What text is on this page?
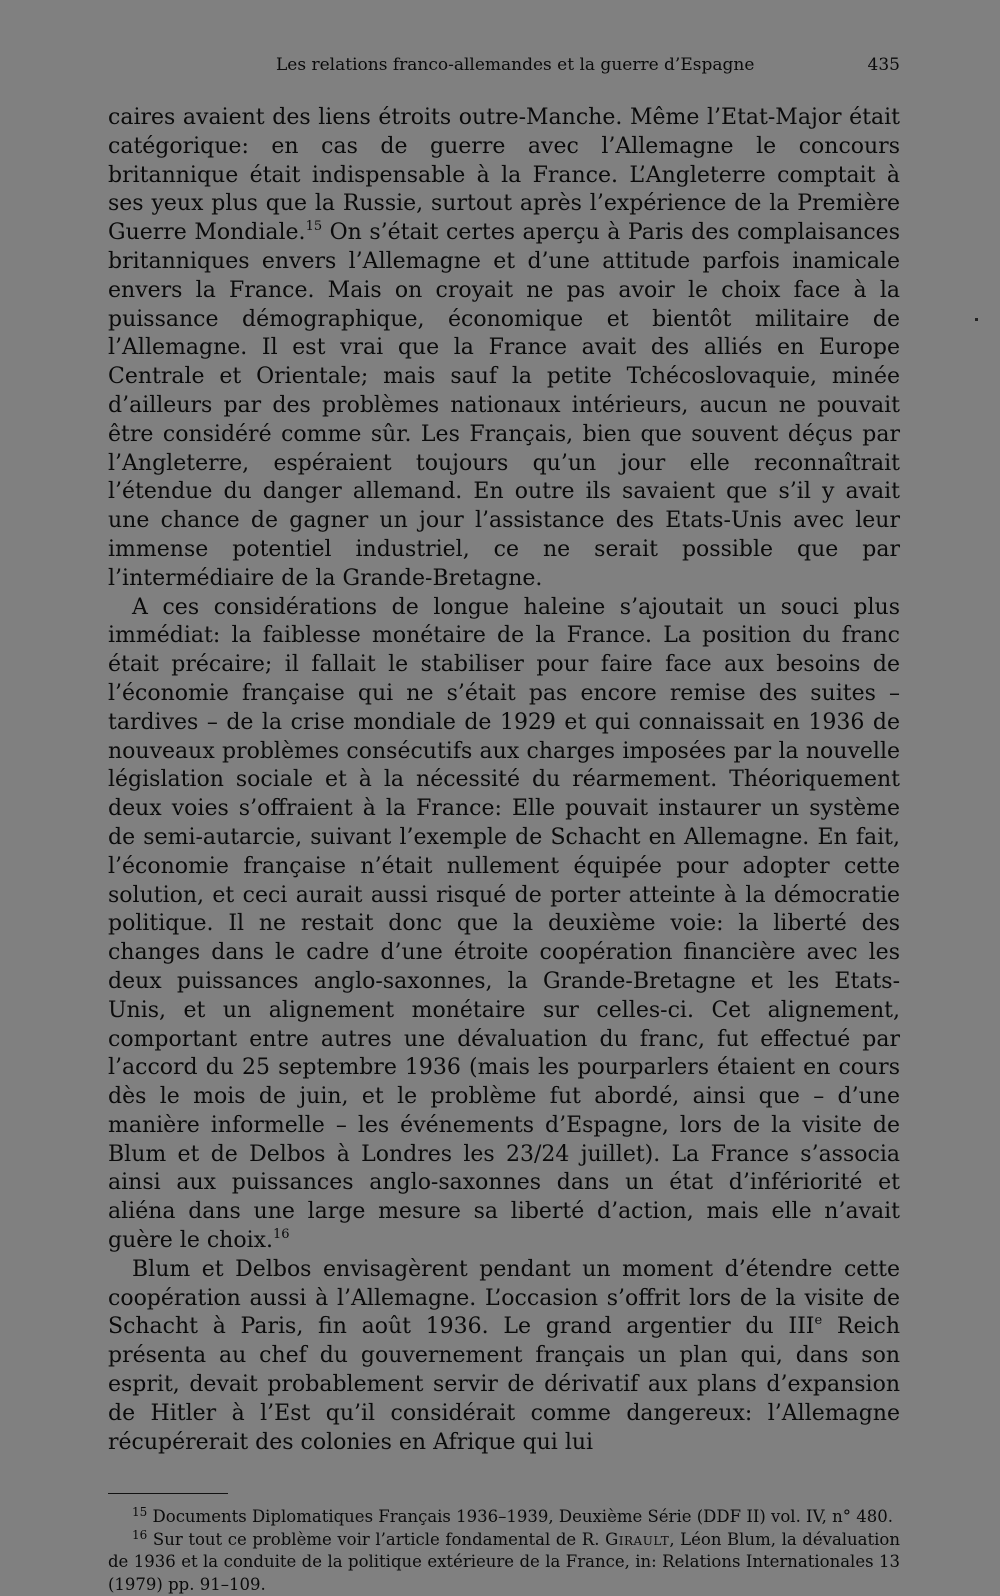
Les relations franco-allemandes et la guerre d’Espagne	435

caires avaient des liens étroits outre-Manche. Même l’Etat-Major était catégorique: en cas de guerre avec l’Allemagne le concours britannique était indispensable à la France. L’Angleterre comptait à ses yeux plus que la Russie, surtout après l’expérience de la Première Guerre Mondiale.$^{15}$ On s’était certes aperçu à Paris des complaisances britanniques envers l’Allemagne et d’une attitude parfois inamicale envers la France. Mais on croyait ne pas avoir le choix face à la puissance démographique, économique et bientôt militaire de l’Allemagne. Il est vrai que la France avait des alliés en Europe Centrale et Orientale; mais sauf la petite Tchécoslovaquie, minée d’ailleurs par des problèmes nationaux intérieurs, aucun ne pouvait être considéré comme sûr. Les Français, bien que souvent déçus par l’Angleterre, espéraient toujours qu’un jour elle reconnaîtrait l’étendue du danger allemand. En outre ils savaient que s’il y avait une chance de gagner un jour l’assistance des Etats-Unis avec leur immense potentiel industriel, ce ne serait possible que par l’intermédiaire de la Grande-Bretagne.

A ces considérations de longue haleine s’ajoutait un souci plus immédiat: la faiblesse monétaire de la France. La position du franc était précaire; il fallait le stabiliser pour faire face aux besoins de l’économie française qui ne s’était pas encore remise des suites – tardives – de la crise mondiale de 1929 et qui connaissait en 1936 de nouveaux problèmes consécutifs aux charges imposées par la nouvelle législation sociale et à la nécessité du réarmement. Théoriquement deux voies s’offraient à la France: Elle pouvait instaurer un système de semi-autarcie, suivant l’exemple de Schacht en Allemagne. En fait, l’économie française n’était nullement équipée pour adopter cette solution, et ceci aurait aussi risqué de porter atteinte à la démocratie politique. Il ne restait donc que la deuxième voie: la liberté des changes dans le cadre d’une étroite coopération financière avec les deux puissances anglo-saxonnes, la Grande-Bretagne et les Etats-Unis, et un alignement monétaire sur celles-ci. Cet alignement, comportant entre autres une dévaluation du franc, fut effectué par l’accord du 25 septembre 1936 (mais les pourparlers étaient en cours dès le mois de juin, et le problème fut abordé, ainsi que – d’une manière informelle – les événements d’Espagne, lors de la visite de Blum et de Delbos à Londres les 23/24 juillet). La France s’associa ainsi aux puissances anglo-saxonnes dans un état d’infériorité et aliéna dans une large mesure sa liberté d’action, mais elle n’avait guère le choix.$^{16}$

Blum et Delbos envisagèrent pendant un moment d’étendre cette coopération aussi à l’Allemagne. L’occasion s’offrit lors de la visite de Schacht à Paris, fin août 1936. Le grand argentier du IIIe Reich présenta au chef du gouvernement français un plan qui, dans son esprit, devait probablement servir de dérivatif aux plans d’expansion de Hitler à l’Est qu’il considérait comme dangereux: l’Allemagne récupérerait des colonies en Afrique qui lui

$^{15}$ Documents Diplomatiques Français 1936–1939, Deuxième Série (DDF II) vol. IV, n° 480.

$^{16}$ Sur tout ce problème voir l’article fondamental de R. Girault, Léon Blum, la dévaluation de 1936 et la conduite de la politique extérieure de la France, in: Relations Internationales 13 (1979) pp. 91–109.
